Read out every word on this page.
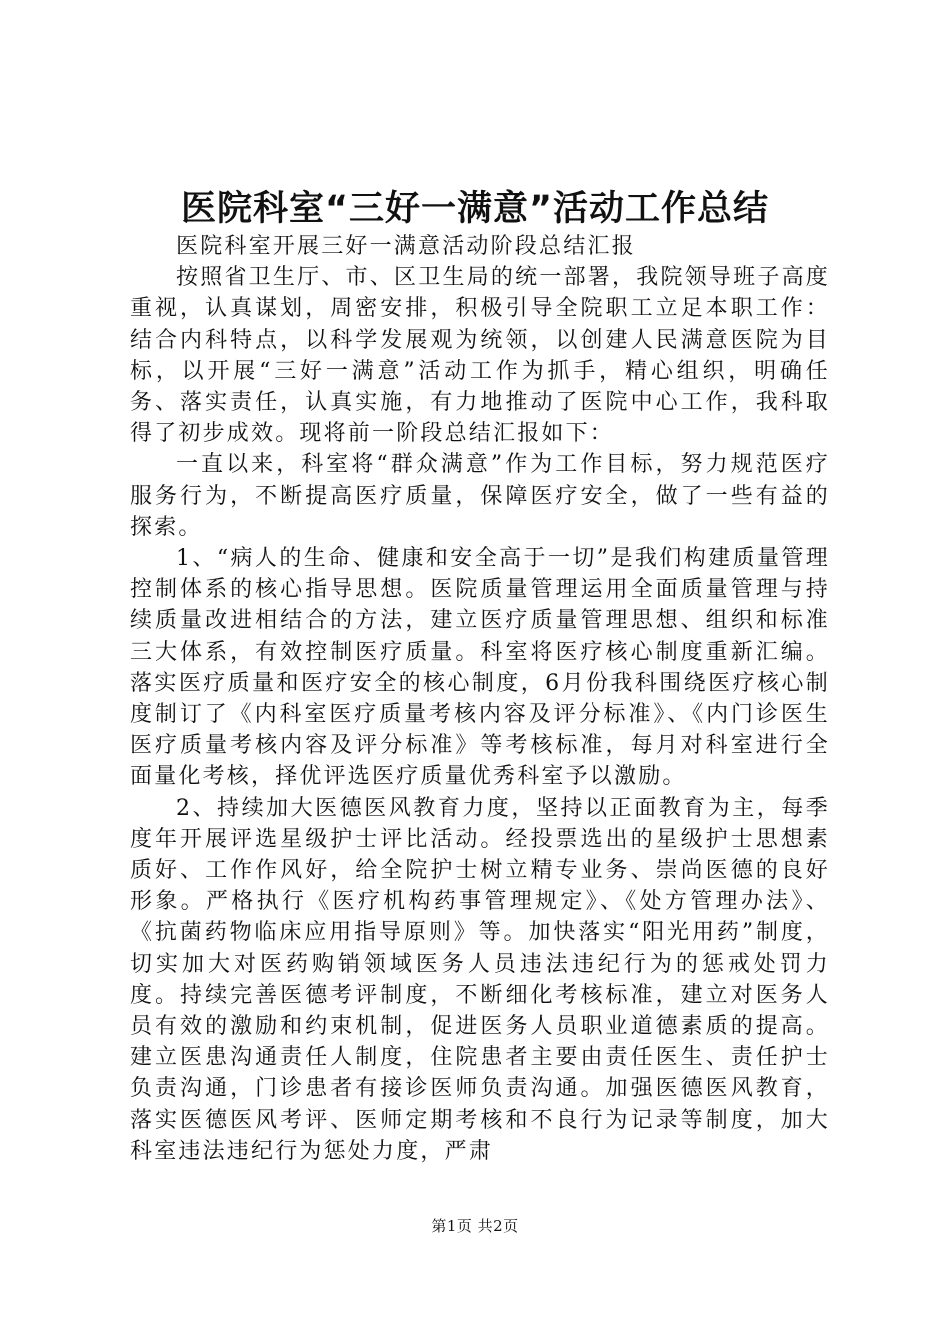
医院科室“三好一满意”活动工作总结

医院科室开展三好一满意活动阶段总结汇报

按照省卫生厅、市、区卫生局的统一部署，我院领导班子高度重视，认真谋划，周密安排，积极引导全院职工立足本职工作：结合内科特点，以科学发展观为统领，以创建人民满意医院为目标，以开展“三好一满意”活动工作为抓手，精心组织，明确任务、落实责任，认真实施，有力地推动了医院中心工作，我科取得了初步成效。现将前一阶段总结汇报如下：

一直以来，科室将“群众满意”作为工作目标，努力规范医疗服务行为，不断提高医疗质量，保障医疗安全，做了一些有益的探索。

1、“病人的生命、健康和安全高于一切”是我们构建质量管理控制体系的核心指导思想。医院质量管理运用全面质量管理与持续质量改进相结合的方法，建立医疗质量管理思想、组织和标准三大体系，有效控制医疗质量。科室将医疗核心制度重新汇编。落实医疗质量和医疗安全的核心制度，6月份我科围绕医疗核心制度制订了《内科室医疗质量考核内容及评分标准》、《内门诊医生医疗质量考核内容及评分标准》等考核标准，每月对科室进行全面量化考核，择优评选医疗质量优秀科室予以激励。

2、持续加大医德医风教育力度，坚持以正面教育为主，每季度年开展评选星级护士评比活动。经投票选出的星级护士思想素质好、工作作风好，给全院护士树立精专业务、崇尚医德的良好形象。严格执行《医疗机构药事管理规定》、《处方管理办法》、《抗菌药物临床应用指导原则》等。加快落实“阳光用药”制度，切实加大对医药购销领域医务人员违法违纪行为的惩戒处罚力度。持续完善医德考评制度，不断细化考核标准，建立对医务人员有效的激励和约束机制，促进医务人员职业道德素质的提高。建立医患沟通责任人制度，住院患者主要由责任医生、责任护士负责沟通，门诊患者有接诊医师负责沟通。加强医德医风教育，落实医德医风考评、医师定期考核和不良行为记录等制度，加大科室违法违纪行为惩处力度，严肃

第1页 共2页
